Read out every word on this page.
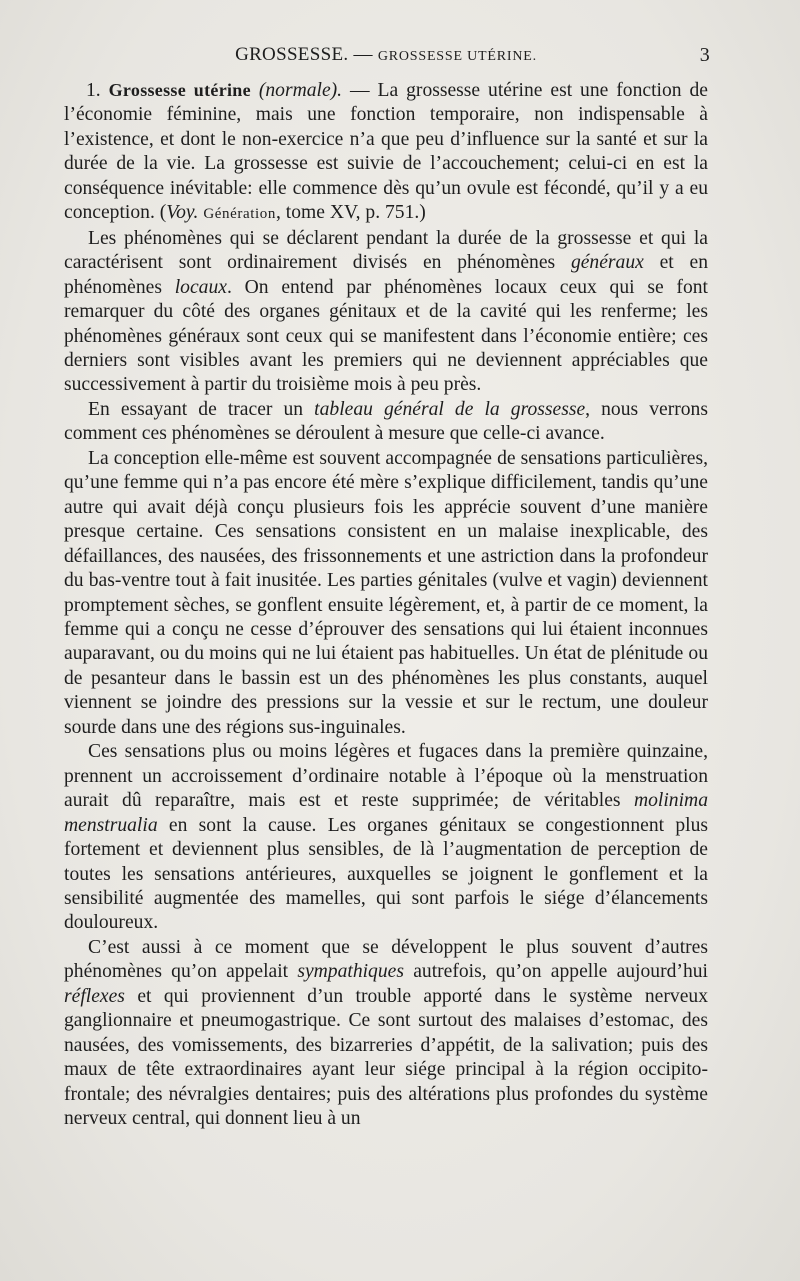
GROSSESSE. — GROSSESSE UTÉRINE.	3

1. Grossesse utérine (normale). — La grossesse utérine est une fonction de l’économie féminine, mais une fonction temporaire, non indispensable à l’existence, et dont le non-exercice n’a que peu d’influence sur la santé et sur la durée de la vie. La grossesse est suivie de l’accouchement; celui-ci en est la conséquence inévitable: elle commence dès qu’un ovule est fécondé, qu’il y a eu conception. (Voy. Génération, tome XV, p. 751.)

Les phénomènes qui se déclarent pendant la durée de la grossesse et qui la caractérisent sont ordinairement divisés en phénomènes généraux et en phénomènes locaux. On entend par phénomènes locaux ceux qui se font remarquer du côté des organes génitaux et de la cavité qui les renferme; les phénomènes généraux sont ceux qui se manifestent dans l’économie entière; ces derniers sont visibles avant les premiers qui ne deviennent appréciables que successivement à partir du troisième mois à peu près.

En essayant de tracer un tableau général de la grossesse, nous verrons comment ces phénomènes se déroulent à mesure que celle-ci avance.

La conception elle-même est souvent accompagnée de sensations particulières, qu’une femme qui n’a pas encore été mère s’explique difficilement, tandis qu’une autre qui avait déjà conçu plusieurs fois les apprécie souvent d’une manière presque certaine. Ces sensations consistent en un malaise inexplicable, des défaillances, des nausées, des frissonnements et une astriction dans la profondeur du bas-ventre tout à fait inusitée. Les parties génitales (vulve et vagin) deviennent promptement sèches, se gonflent ensuite légèrement, et, à partir de ce moment, la femme qui a conçu ne cesse d’éprouver des sensations qui lui étaient inconnues auparavant, ou du moins qui ne lui étaient pas habituelles. Un état de plénitude ou de pesanteur dans le bassin est un des phénomènes les plus constants, auquel viennent se joindre des pressions sur la vessie et sur le rectum, une douleur sourde dans une des régions sus-inguinales.

Ces sensations plus ou moins légères et fugaces dans la première quinzaine, prennent un accroissement d’ordinaire notable à l’époque où la menstruation aurait dû reparaître, mais est et reste supprimée; de véritables molinima menstrualia en sont la cause. Les organes génitaux se congestionnent plus fortement et deviennent plus sensibles, de là l’augmentation de perception de toutes les sensations antérieures, auxquelles se joignent le gonflement et la sensibilité augmentée des mamelles, qui sont parfois le siége d’élancements douloureux.

C’est aussi à ce moment que se développent le plus souvent d’autres phénomènes qu’on appelait sympathiques autrefois, qu’on appelle aujourd’hui réflexes et qui proviennent d’un trouble apporté dans le système nerveux ganglionnaire et pneumogastrique. Ce sont surtout des malaises d’estomac, des nausées, des vomissements, des bizarreries d’appétit, de la salivation; puis des maux de tête extraordinaires ayant leur siége principal à la région occipito-frontale; des névralgies dentaires; puis des altérations plus profondes du système nerveux central, qui donnent lieu à un
